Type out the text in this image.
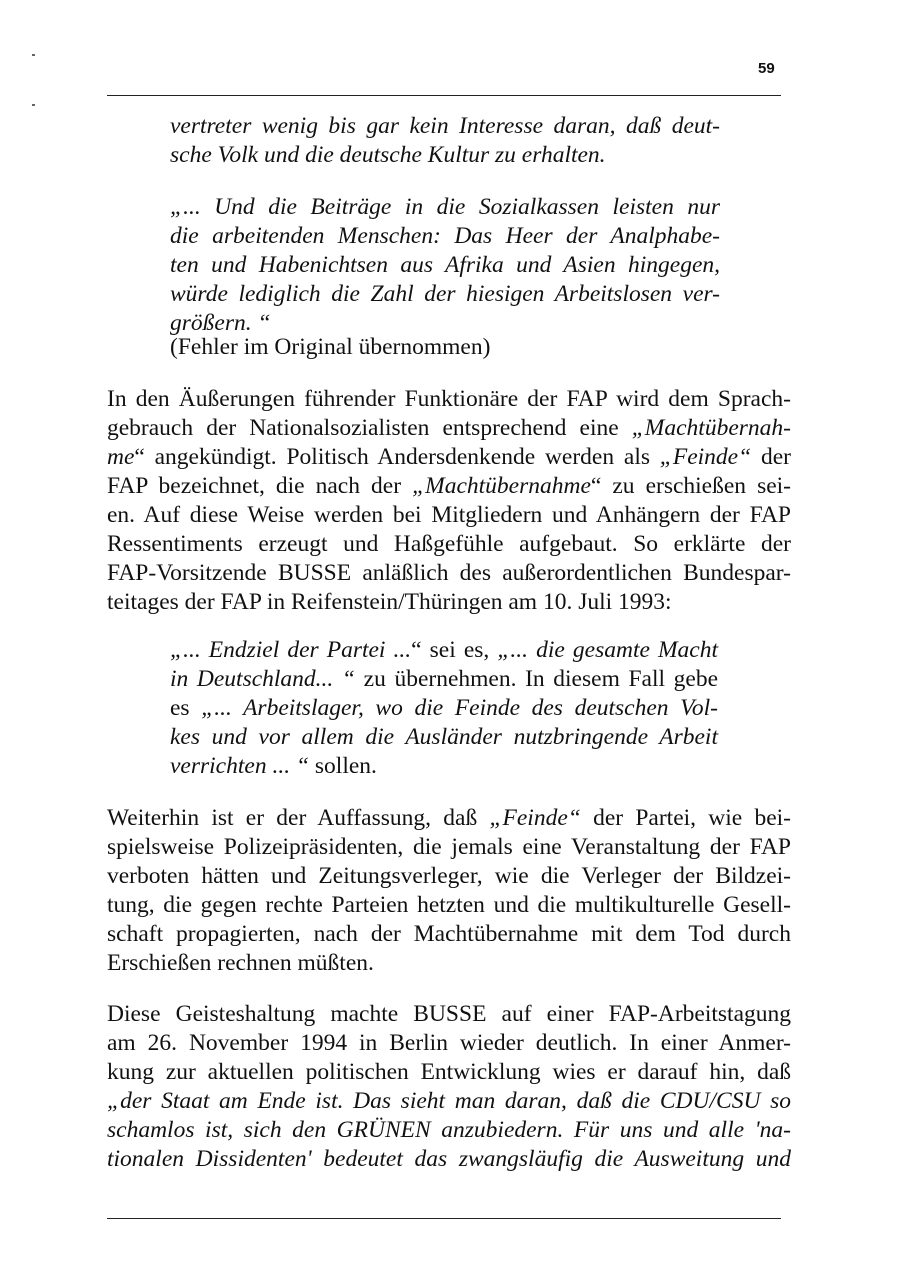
59
vertreter wenig bis gar kein Interesse daran, daß deut-
sche Volk und die deutsche Kultur zu erhalten.
„... Und die Beiträge in die Sozialkassen leisten nur
die arbeitenden Menschen: Das Heer der Analphabe-
ten und Habenichtsen aus Afrika und Asien hingegen,
würde lediglich die Zahl der hiesigen Arbeitslosen ver-
größern. “
(Fehler im Original übernommen)
In den Äußerungen führender Funktionäre der FAP wird dem Sprach-
gebrauch der Nationalsozialisten entsprechend eine „Machtübernah-
me“ angekündigt. Politisch Andersdenkende werden als „Feinde“ der
FAP bezeichnet, die nach der „Machtübernahme“ zu erschießen sei-
en. Auf diese Weise werden bei Mitgliedern und Anhängern der FAP
Ressentiments erzeugt und Haßgefühle aufgebaut. So erklärte der
FAP-Vorsitzende BUSSE anläßlich des außerordentlichen Bundespar-
teitages der FAP in Reifenstein/Thüringen am 10. Juli 1993:
„... Endziel der Partei ...“ sei es, „... die gesamte Macht
in Deutschland... “ zu übernehmen. In diesem Fall gebe
es „... Arbeitslager, wo die Feinde des deutschen Vol-
kes und vor allem die Ausländer nutzbringende Arbeit
verrichten ... “ sollen.
Weiterhin ist er der Auffassung, daß „Feinde“ der Partei, wie bei-
spielsweise Polizeipräsidenten, die jemals eine Veranstaltung der FAP
verboten hätten und Zeitungsverleger, wie die Verleger der Bildzei-
tung, die gegen rechte Parteien hetzten und die multikulturelle Gesell-
schaft propagierten, nach der Machtübernahme mit dem Tod durch
Erschießen rechnen müßten.
Diese Geisteshaltung machte BUSSE auf einer FAP-Arbeitstagung
am 26. November 1994 in Berlin wieder deutlich. In einer Anmer-
kung zur aktuellen politischen Entwicklung wies er darauf hin, daß
„der Staat am Ende ist. Das sieht man daran, daß die CDU/CSU so
schamlos ist, sich den GRÜNEN anzubiedern. Für uns und alle 'na-
tionalen Dissidenten' bedeutet das zwangsläufig die Ausweitung und
